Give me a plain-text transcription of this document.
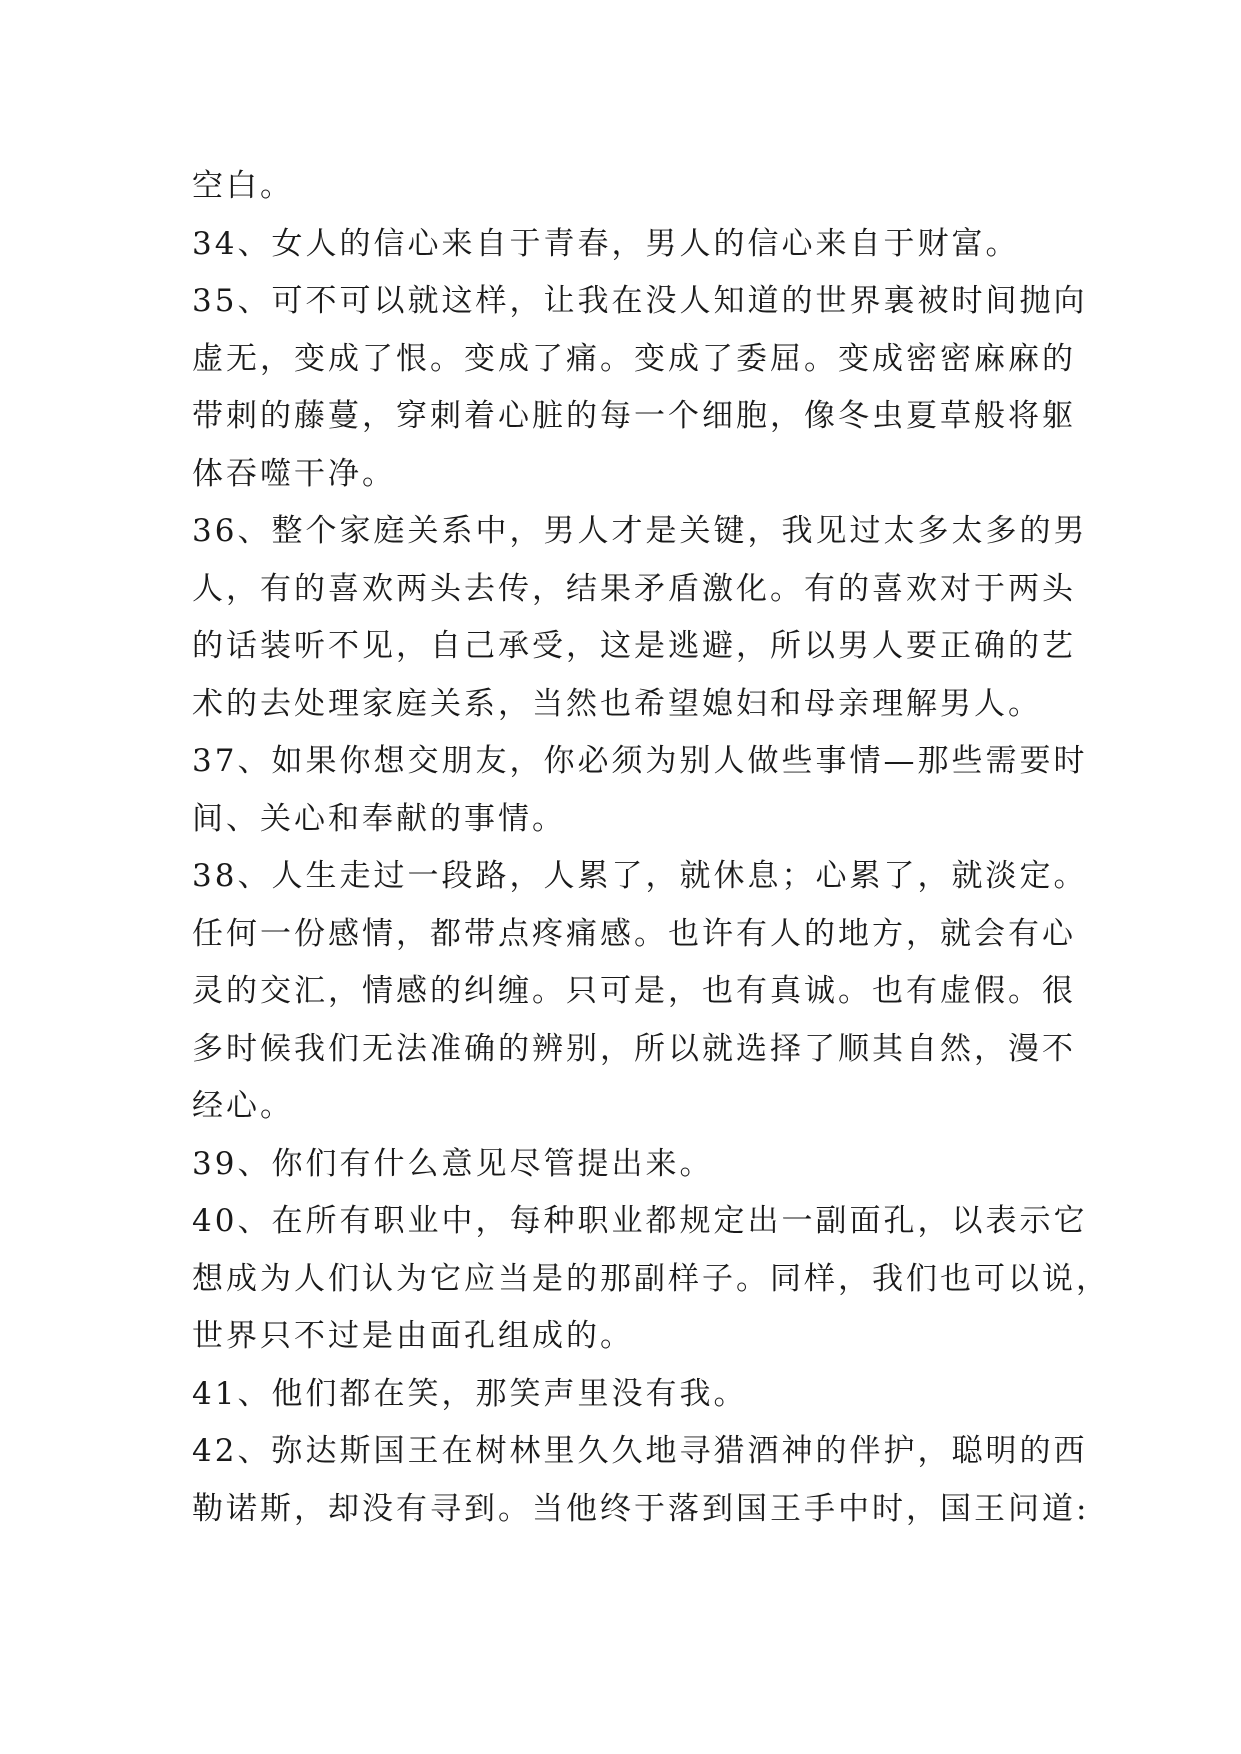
空白。
34、女人的信心来自于青春，男人的信心来自于财富。
35、可不可以就这样，让我在没人知道的世界裏被时间抛向
虚无，变成了恨。变成了痛。变成了委屈。变成密密麻麻的
带刺的藤蔓，穿刺着心脏的每一个细胞，像冬虫夏草般将躯
体吞噬干净。
36、整个家庭关系中，男人才是关键，我见过太多太多的男
人，有的喜欢两头去传，结果矛盾激化。有的喜欢对于两头
的话装听不见，自己承受，这是逃避，所以男人要正确的艺
术的去处理家庭关系，当然也希望媳妇和母亲理解男人。
37、如果你想交朋友，你必须为别人做些事情—那些需要时
间、关心和奉献的事情。
38、人生走过一段路，人累了，就休息；心累了，就淡定。
任何一份感情，都带点疼痛感。也许有人的地方，就会有心
灵的交汇，情感的纠缠。只可是，也有真诚。也有虚假。很
多时候我们无法准确的辨别，所以就选择了顺其自然，漫不
经心。
39、你们有什么意见尽管提出来。
40、在所有职业中，每种职业都规定出一副面孔，以表示它
想成为人们认为它应当是的那副样子。同样，我们也可以说，
世界只不过是由面孔组成的。
41、他们都在笑，那笑声里没有我。
42、弥达斯国王在树林里久久地寻猎酒神的伴护，聪明的西
勒诺斯，却没有寻到。当他终于落到国王手中时，国王问道:
